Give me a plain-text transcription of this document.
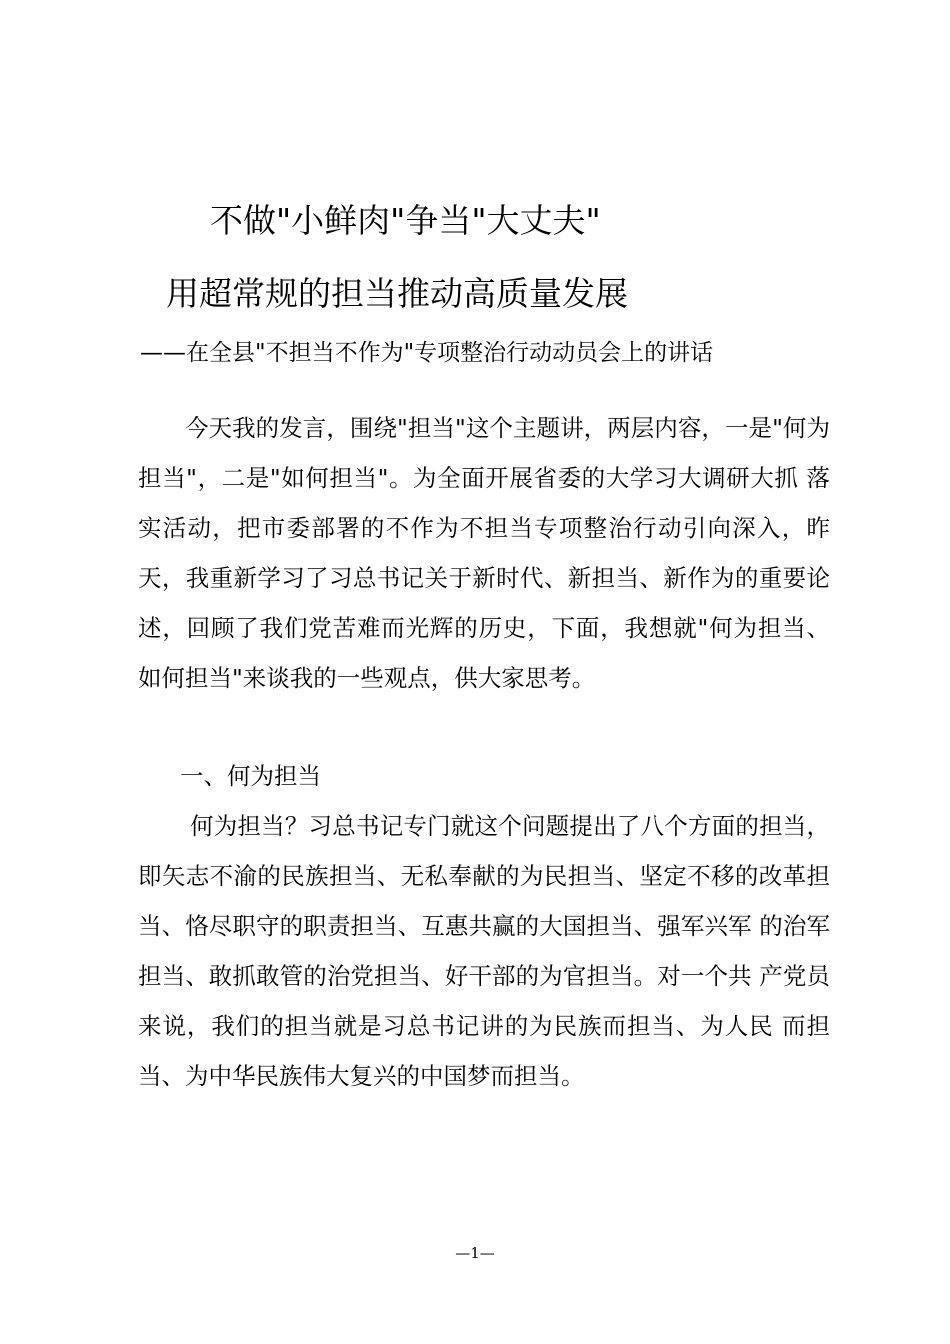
不做"小鲜肉"争当"大丈夫"
用超常规的担当推动高质量发展
——在全县"不担当不作为"专项整治行动动员会上的讲话

今天我的发言，围绕"担当"这个主题讲，两层内容，一是"何为担当"，二是"如何担当"。为全面开展省委的大学习大调研大抓 落实活动，把市委部署的不作为不担当专项整治行动引向深入，昨 天，我重新学习了习总书记关于新时代、新担当、新作为的重要论 述，回顾了我们党苦难而光辉的历史，下面，我想就"何为担当、如何担当"来谈我的一些观点，供大家思考。

一、何为担当

何为担当？习总书记专门就这个问题提出了八个方面的担当，即矢志不渝的民族担当、无私奉献的为民担当、坚定不移的改革担当、恪尽职守的职责担当、互惠共赢的大国担当、强军兴军 的治军担当、敢抓敢管的治党担当、好干部的为官担当。对一个共 产党员来说，我们的担当就是习总书记讲的为民族而担当、为人民 而担当、为中华民族伟大复兴的中国梦而担当。

—1—
